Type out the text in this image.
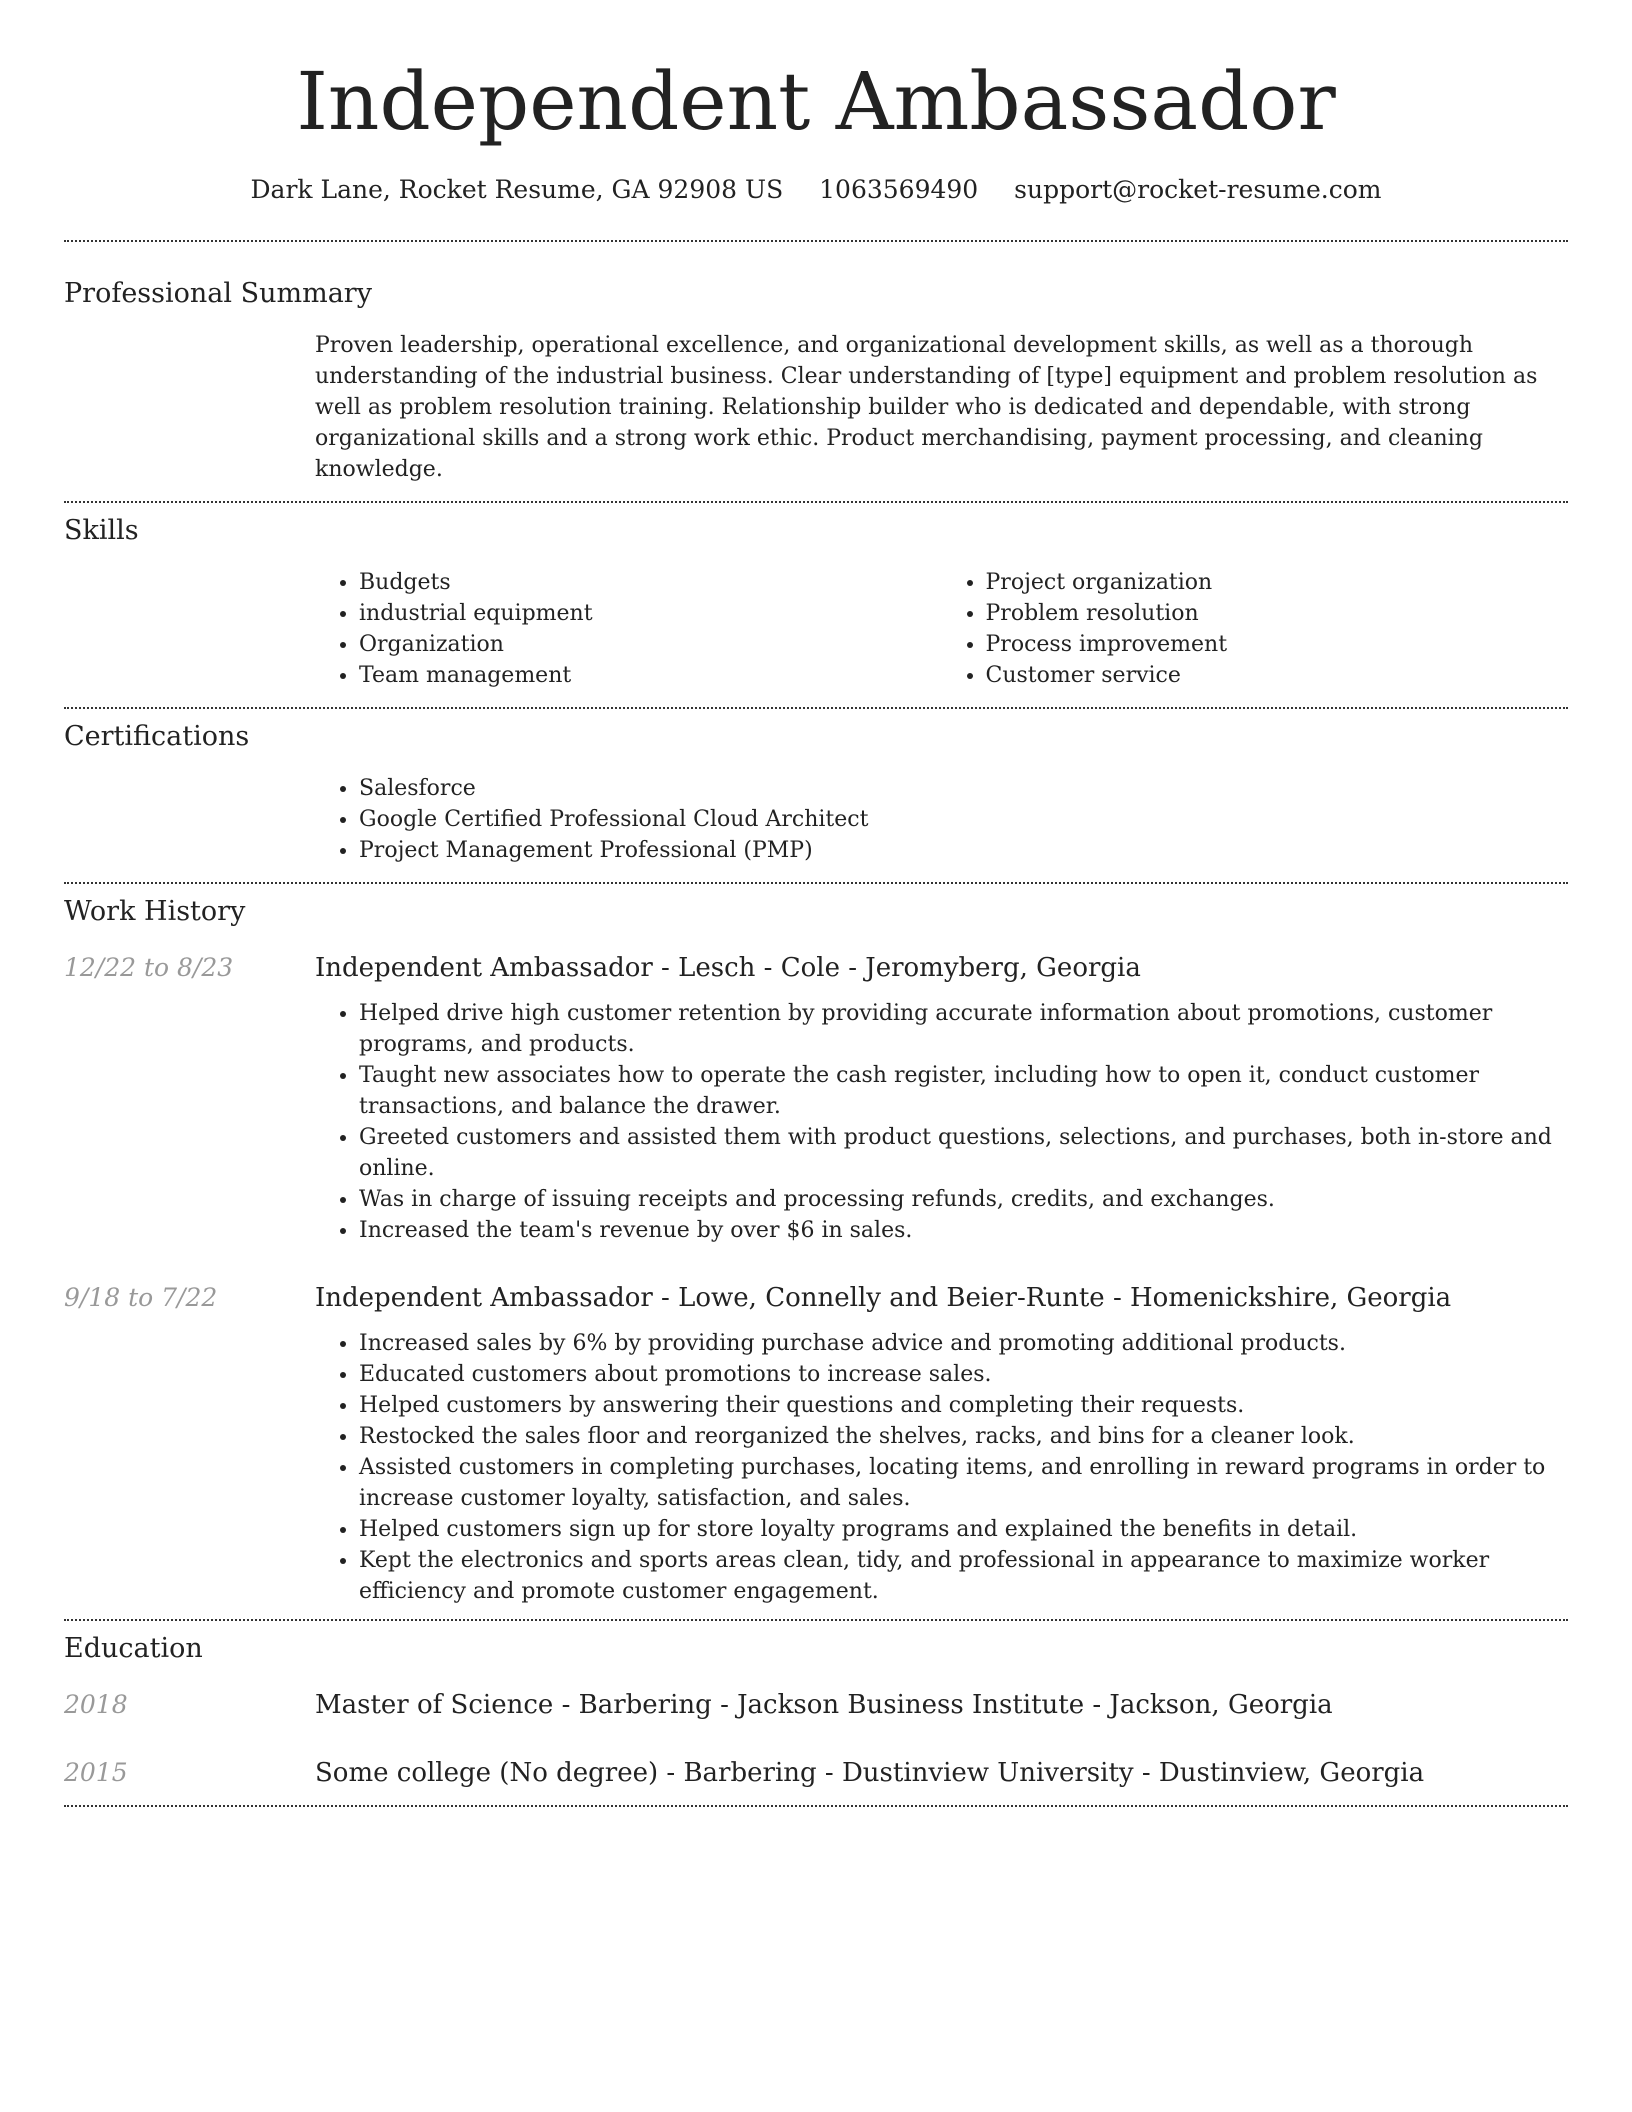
Independent Ambassador
Dark Lane, Rocket Resume, GA 92908 US 1063569490 support@rocket-resume.com
Professional Summary

Proven leadership, operational excellence, and organizational development skills, as well as a thorough understanding of the industrial business. Clear understanding of [type] equipment and problem resolution as well as problem resolution training. Relationship builder who is dedicated and dependable, with strong organizational skills and a strong work ethic. Product merchandising, payment processing, and cleaning knowledge.

Skills
• Budgets
• industrial equipment
• Organization
• Team management
• Project organization
• Problem resolution
• Process improvement
• Customer service
Certifications
• Salesforce
• Google Certified Professional Cloud Architect
• Project Management Professional (PMP)
Work History
12/22 to 8/23	Independent Ambassador - Lesch - Cole - Jeromyberg, Georgia
• Helped drive high customer retention by providing accurate information about promotions, customer programs, and products.
• Taught new associates how to operate the cash register, including how to open it, conduct customer transactions, and balance the drawer.
• Greeted customers and assisted them with product questions, selections, and purchases, both in-store and online.
• Was in charge of issuing receipts and processing refunds, credits, and exchanges.
• Increased the team's revenue by over $6 in sales.
9/18 to 7/22	Independent Ambassador - Lowe, Connelly and Beier-Runte - Homenickshire, Georgia
• Increased sales by 6% by providing purchase advice and promoting additional products.
• Educated customers about promotions to increase sales.
• Helped customers by answering their questions and completing their requests.
• Restocked the sales floor and reorganized the shelves, racks, and bins for a cleaner look.
• Assisted customers in completing purchases, locating items, and enrolling in reward programs in order to increase customer loyalty, satisfaction, and sales.
• Helped customers sign up for store loyalty programs and explained the benefits in detail.
• Kept the electronics and sports areas clean, tidy, and professional in appearance to maximize worker efficiency and promote customer engagement.
Education
2018	Master of Science - Barbering - Jackson Business Institute - Jackson, Georgia
2015	Some college (No degree) - Barbering - Dustinview University - Dustinview, Georgia
